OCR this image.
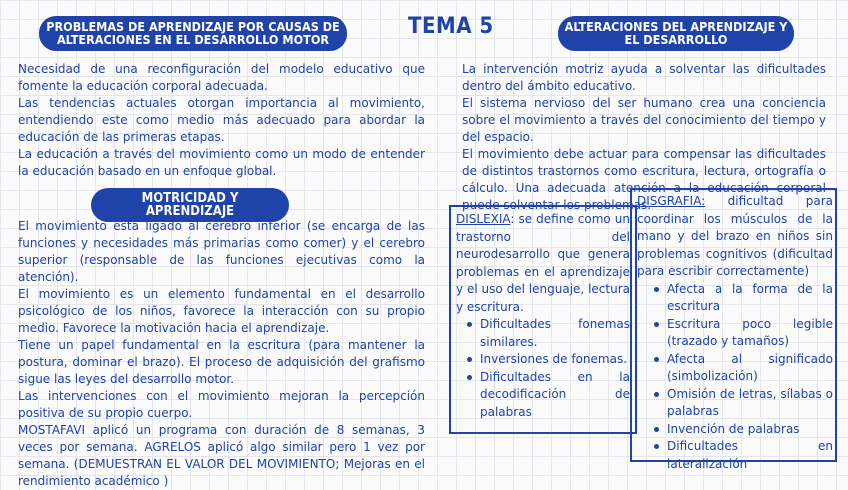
PROBLEMAS DE APRENDIZAJE POR CAUSAS DE
ALTERACIONES EN EL DESARROLLO MOTOR
TEMA 5	ALTERACIONES DEL APRENDIZAJE Y
EL DESARROLLO

Necesidad de una reconfiguración del modelo educativo que fomente la educación corporal adecuada.

Las tendencias actuales otorgan importancia al movimiento, entendiendo este como medio más adecuado para abordar la educación de las primeras etapas.

La educación a través del movimiento como un modo de entender la educación basado en un enfoque global.

MOTRICIDAD Y APRENDIZAJE

El movimiento está ligado al cerebro inferior (se encarga de las funciones y necesidades más primarias como comer) y el cerebro superior (responsable de las funciones ejecutivas como la atención).

El movimiento es un elemento fundamental en el desarrollo psicológico de los niños, favorece la interacción con su propio medio. Favorece la motivación hacia el aprendizaje.

Tiene un papel fundamental en la escritura (para mantener la postura, dominar el brazo). El proceso de adquisición del grafismo sigue las leyes del desarrollo motor.

Las intervenciones con el movimiento mejoran la percepción positiva de su propio cuerpo.

MOSTAFAVI aplicó un programa con duración de 8 semanas, 3 veces por semana. AGRELOS aplicó algo similar pero 1 vez por semana. (DEMUESTRAN EL VALOR DEL MOVIMIENTO; Mejoras en el rendimiento académico )

La intervención motriz ayuda a solventar las dificultades dentro del ámbito educativo.

El sistema nervioso del ser humano crea una conciencia sobre el movimiento a través del conocimiento del tiempo y del espacio.

El movimiento debe actuar para compensar las dificultades de distintos trastornos como escritura, lectura, ortografía o cálculo. Una adecuada atención a la educación corporal puede solventar los problemas.

DISLEXIA: se define como un trastorno del neurodesarrollo que genera problemas en el aprendizaje y el uso del lenguaje, lectura y escritura.
Dificultades fonemas similares.
Inversiones de fonemas.
Dificultades en la decodificación de palabras
DISGRAFIA: dificultad para coordinar los músculos de la mano y del brazo en niños sin problemas cognitivos (dificultad para escribir correctamente)
Afecta a la forma de la escritura
Escritura poco legible (trazado y tamaños)
Afecta al significado (simbolización)
Omisión de letras, sílabas o palabras
Invención de palabras
Dificultades en lateralización
